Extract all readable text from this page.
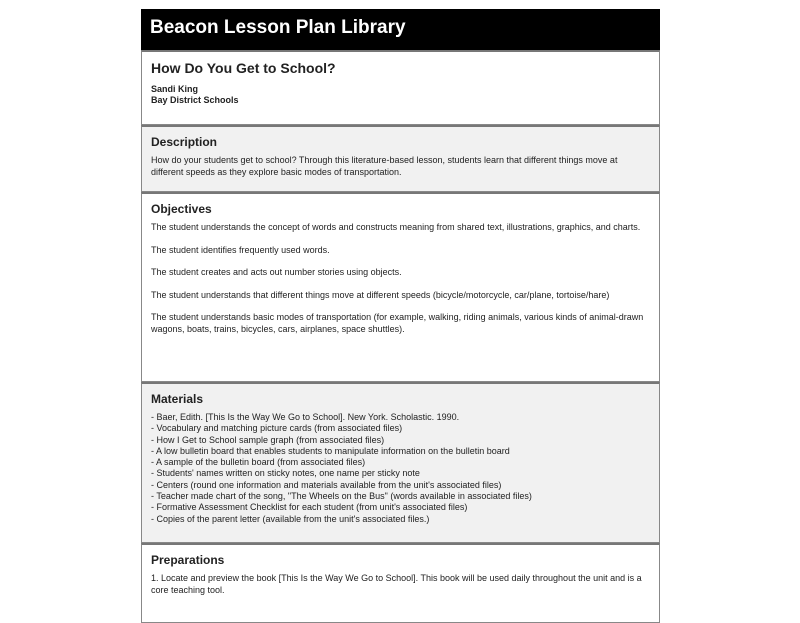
Beacon Lesson Plan Library
How Do You Get to School?
Sandi King
Bay District Schools
Description

How do your students get to school? Through this literature-based lesson, students learn that different things move at different speeds as they explore basic modes of transportation.

Objectives

The student understands the concept of words and constructs meaning from shared text, illustrations, graphics, and charts.

The student identifies frequently used words.

The student creates and acts out number stories using objects.

The student understands that different things move at different speeds (bicycle/motorcycle, car/plane, tortoise/hare)

The student understands basic modes of transportation (for example, walking, riding animals, various kinds of animal-drawn wagons, boats, trains, bicycles, cars, airplanes, space shuttles).

Materials
- Baer, Edith. [This Is the Way We Go to School]. New York. Scholastic. 1990.
- Vocabulary and matching picture cards (from associated files)
- How I Get to School sample graph (from associated files)
- A low bulletin board that enables students to manipulate information on the bulletin board
- A sample of the bulletin board (from associated files)
- Students' names written on sticky notes, one name per sticky note
- Centers (round one information and materials available from the unit's associated files)
- Teacher made chart of the song, "The Wheels on the Bus" (words available in associated files)
- Formative Assessment Checklist for each student (from unit's associated files)
- Copies of the parent letter (available from the unit's associated files.)
Preparations

1. Locate and preview the book [This Is the Way We Go to School]. This book will be used daily throughout the unit and is a core teaching tool.
